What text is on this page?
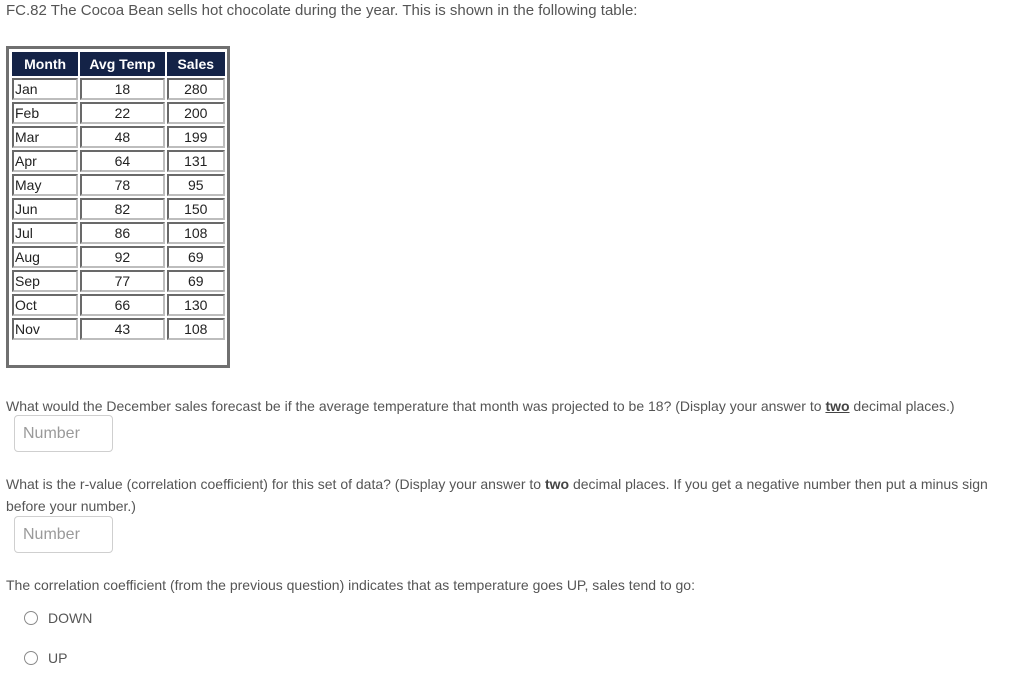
FC.82 The Cocoa Bean sells hot chocolate during the year. This is shown in the following table:
Month	Avg Temp	Sales
Jan	18	280
Feb	22	200
Mar	48	199
Apr	64	131
May	78	95
Jun	82	150
Jul	86	108
Aug	92	69
Sep	77	69
Oct	66	130
Nov	43	108
What would the December sales forecast be if the average temperature that month was projected to be 18? (Display your answer to two decimal places.)
Number
What is the r-value (correlation coefficient) for this set of data? (Display your answer to two decimal places. If you get a negative number then put a minus sign before your number.)
Number
The correlation coefficient (from the previous question) indicates that as temperature goes UP, sales tend to go:
DOWN
UP
